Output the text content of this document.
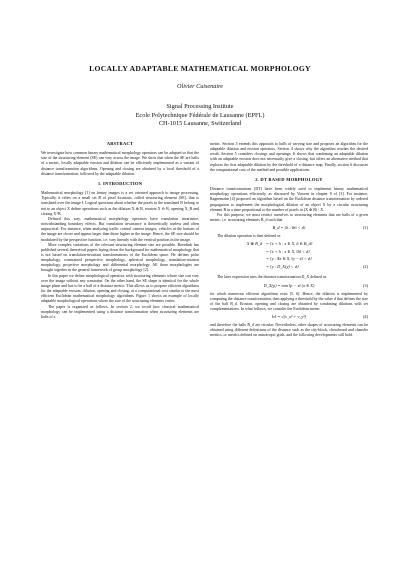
LOCALLY ADAPTABLE MATHEMATICAL MORPHOLOGY
Olivier Cuisenaire
Signal Processing Institute
Ecole Polytechnique Fédérale de Lausanne (EPFL)
CH-1015 Lausanne, Switzerland
ABSTRACT

We investigate how common binary mathematical morphology operators can be adapted so that the size of the structuring element (SE) can vary across the image. We show that when the SE are balls of a metric, locally adaptable erosion and dilation can be efficiently implemented as a variant of distance transformation algorithms. Opening and closing are obtained by a local threshold of a distance transformation, followed by the adaptable dilation.

1. INTRODUCTION

Mathematical morphology [1] on binary images is a set oriented approach to image processing. Typically, it relies on a small set B of pixel locations, called structuring element (SE), that is translated over the image I. Logical questions about whether the pixels in the translated B belong or not to an object X define operations such as the dilation X ⊕ B, erosion X ⊖ B, opening X_B and closing X^B.

Defined this way, mathematical morphology operators have translation invariance, notwithstanding boundary effects. But translation invariance is theoretically useless and often unpractical. For instance, when analyzing traffic control camera images, vehicles at the bottom of the image are closer and appear larger than those higher in the image. Hence, the SE size should be modulated by the perspective function, i.e. vary linearly with the vertical position in the image.

More complex variations of the relevant structuring element size are possible. Roerdink has published several theoretical papers laying down the background for mathematical morphology that is not based on translation-invariant transformations of the Euclidean space. He defines polar morphology, constrained perspective morphology, spherical morphology, translation-rotation morphology, projective morphology and differential morphology. All those morphologies are brought together in the general framework of group morphology [2].

In this paper we define morphological operators with structuring elements whose size can vary over the image without any constraint. On the other hand, the SE shape is identical for the whole image plane and has to be a ball of a distance metric. This allows us to propose efficient algorithms for the adaptable erosion, dilation, opening and closing, at a computational cost similar to the most efficient Euclidean mathematical morphology algorithms. Figure 1 shows an example of locally adaptable morphological operations where the size of the structuring elements varies.

The paper is organized as follows. In section 2, we recall how classical mathematical morphology can be implemented using a distance transformation when structuring elements are balls of a

metric. Section 3 extends this approach to balls of varying size and proposes an algorithm for the adaptable dilation and erosion operators. Section 4 shows why the algorithm reaches the desired result. Section 5 considers closings and openings. It shows that combining an adaptable dilation with an adaptable erosion does not necessarily give a closing, but offers an alternative method that replaces the first adaptable dilation by the threshold of a distance map. Finally, section 6 discusses the computational cost of the method and possible applications.

2. DT BASED MORPHOLOGY

Distance transformations (DT) have been widely used to implement binary mathematical morphology operations efficiently, as discussed by Vincent in chapter 8 of [3]. For instance, Ragnemalm [4] proposed an algorithm based on the Euclidean distance transformation by ordered propagation to implement the morphological dilation of an object X by a circular structuring element B in a time proportional to the number of pixels in (X ⊕ B) \ X.

For this purpose, we must restrict ourselves to structuring elements that are balls of a given metric, i.e. structuring elements B_d such that

B_d = {h : ‖h‖ < d}	(1)

The dilation operation is then defined as

X ⊕ B_d = {x + h : x ∈ X, h ∈ B_d}
= {x + h : x ∈ X, ‖h‖ < d}
= {y : ∃x ∈ X, ‖y − x‖ < d}
= {y : D_X(y) < d}	(2)

The later expression uses the distance transformation D_X defined as

D_X(p) = min ‖p − x‖ (x ∈ X)	(3)

for which numerous efficient algorithms exist [5, 6]. Hence, the dilation is implemented by computing the distance transformation, then applying a threshold by the value d that defines the size of the ball B_d. Erosion, opening and closing are obtained by combining dilations with set complementations. In what follows, we consider the Euclidean metric

‖v‖ = √(v_x² + v_y²)	(4)

and therefore the balls B_d are circular. Nevertheless, other shapes of structuring elements can be obtained using different definitions of the distance such as the city-block, chessboard and chamfer metrics, or metrics defined on anisotropic grids, and the following developments still hold.
